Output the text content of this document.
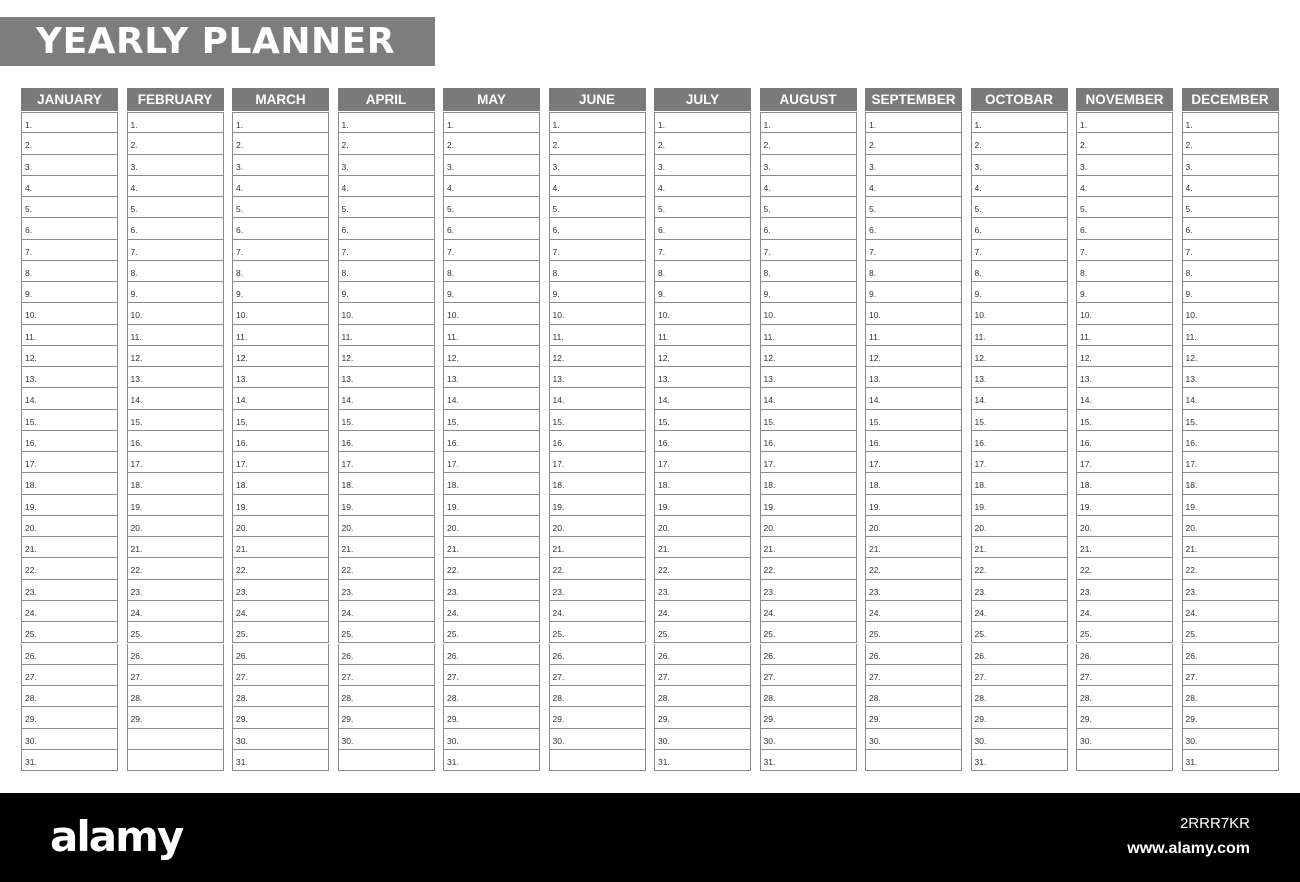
YEARLY PLANNER
JANUARY
1.
2.
3.
4.
5.
6.
7.
8.
9.
10.
11.
12.
13.
14.
15.
16.
17.
18.
19.
20.
21.
22.
23.
24.
25.
26.
27.
28.
29.
30.
31.
FEBRUARY
1.
2.
3.
4.
5.
6.
7.
8.
9.
10.
11.
12.
13.
14.
15.
16.
17.
18.
19.
20.
21.
22.
23.
24.
25.
26.
27.
28.
29.
MARCH
1.
2.
3.
4.
5.
6.
7.
8.
9.
10.
11.
12.
13.
14.
15.
16.
17.
18.
19.
20.
21.
22.
23.
24.
25.
26.
27.
28.
29.
30.
31.
APRIL
1.
2.
3.
4.
5.
6.
7.
8.
9.
10.
11.
12.
13.
14.
15.
16.
17.
18.
19.
20.
21.
22.
23.
24.
25.
26.
27.
28.
29.
30.
MAY
1.
2.
3.
4.
5.
6.
7.
8.
9.
10.
11.
12.
13.
14.
15.
16.
17.
18.
19.
20.
21.
22.
23.
24.
25.
26.
27.
28.
29.
30.
31.
JUNE
1.
2.
3.
4.
5.
6.
7.
8.
9.
10.
11.
12.
13.
14.
15.
16.
17.
18.
19.
20.
21.
22.
23.
24.
25.
26.
27.
28.
29.
30.
JULY
1.
2.
3.
4.
5.
6.
7.
8.
9.
10.
11.
12.
13.
14.
15.
16.
17.
18.
19.
20.
21.
22.
23.
24.
25.
26.
27.
28.
29.
30.
31.
AUGUST
1.
2.
3.
4.
5.
6.
7.
8.
9.
10.
11.
12.
13.
14.
15.
16.
17.
18.
19.
20.
21.
22.
23.
24.
25.
26.
27.
28.
29.
30.
31.
SEPTEMBER
1.
2.
3.
4.
5.
6.
7.
8.
9.
10.
11.
12.
13.
14.
15.
16.
17.
18.
19.
20.
21.
22.
23.
24.
25.
26.
27.
28.
29.
30.
OCTOBAR
1.
2.
3.
4.
5.
6.
7.
8.
9.
10.
11.
12.
13.
14.
15.
16.
17.
18.
19.
20.
21.
22.
23.
24.
25.
26.
27.
28.
29.
30.
31.
NOVEMBER
1.
2.
3.
4.
5.
6.
7.
8.
9.
10.
11.
12.
13.
14.
15.
16.
17.
18.
19.
20.
21.
22.
23.
24.
25.
26.
27.
28.
29.
30.
DECEMBER
1.
2.
3.
4.
5.
6.
7.
8.
9.
10.
11.
12.
13.
14.
15.
16.
17.
18.
19.
20.
21.
22.
23.
24.
25.
26.
27.
28.
29.
30.
31.
alamy	2RRR7KR
www.alamy.com
